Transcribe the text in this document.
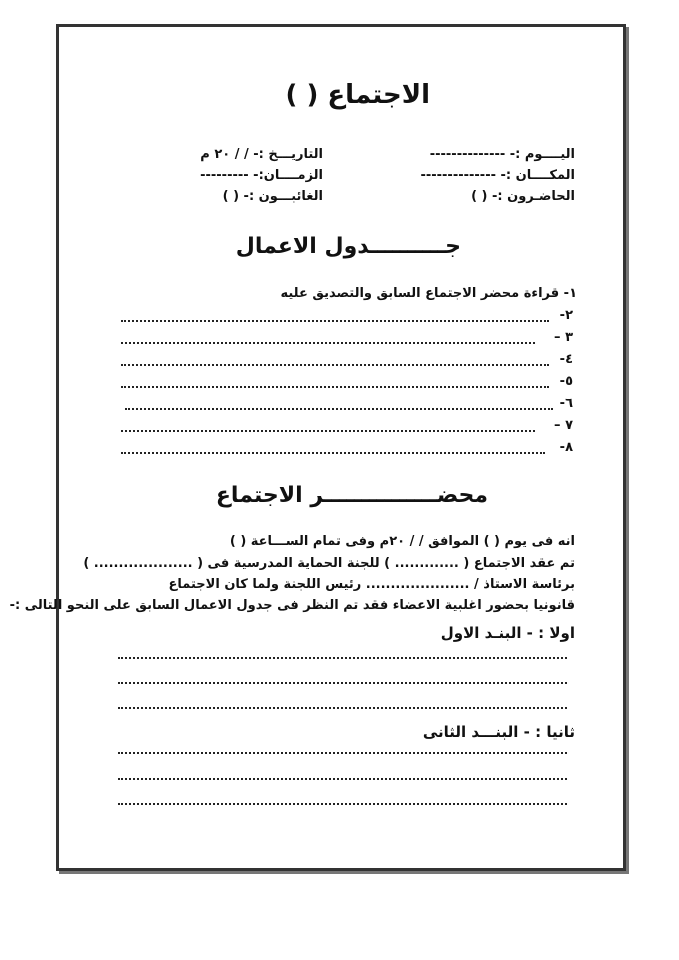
الاجتماع ( )
اليــــوم :- --------------
التاريـــخ :- / / ٢٠ م
المكــــان :- --------------
الزمــــان:- ---------
الحاضـرون :- ( )
الغائبـــون :- ( )
جــــــــــدول الاعمال
١- قراءة محضر الاجتماع السابق والتصديق عليه
٢-
٣ –
٤-
٥-
٦-
٧ –
٨-
محضـــــــــــــــر الاجتماع
انه فى يوم ( ) الموافق / / ٢٠م وفى تمام الســـاعة ( )
تم عقد الاجتماع ( ............. ) للجنة الحماية المدرسية فى ( .................... )
برئاسة الاستاذ / ..................... رئيس اللجنة ولما كان الاجتماع
قانونيا بحضور اغلبية الاعضاء فقد تم النظر فى جدول الاعمال السابق على النحو التالى :-
اولا : - البنـد الاول
ثانيا : - البنـــد الثانى
